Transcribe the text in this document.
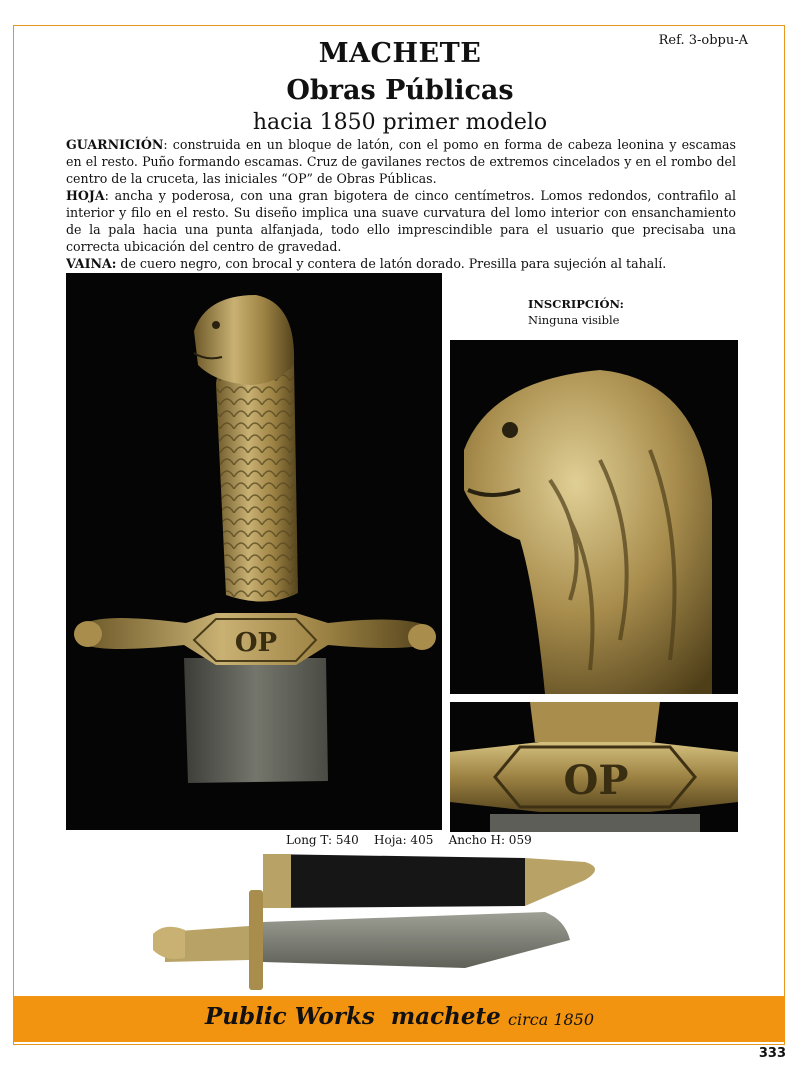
Ref. 3-obpu-A
MACHETE
Obras Públicas
hacia 1850 primer modelo

GUARNICIÓN: construida en un bloque de latón, con el pomo en forma de cabeza leonina y escamas en el resto. Puño formando escamas. Cruz de gavilanes rectos de extremos cincelados y en el rombo del centro de la cruceta, las iniciales “OP” de Obras Públicas.

HOJA: ancha y poderosa, con una gran bigotera de cinco centímetros. Lomos redondos, contrafilo al interior y filo en el resto. Su diseño implica una suave curvatura del lomo interior con ensanchamiento de la pala hacia una punta alfanjada, todo ello imprescindible para el usuario que precisaba una correcta ubicación del centro de gravedad.

VAINA: de cuero negro, con brocal y contera de latón dorado. Presilla para sujeción al tahalí.

OP
INSCRIPCIÓN:
Ninguna visible
OP
Long T: 540    Hoja: 405    Ancho H: 059
Public Works  machete circa 1850
333
